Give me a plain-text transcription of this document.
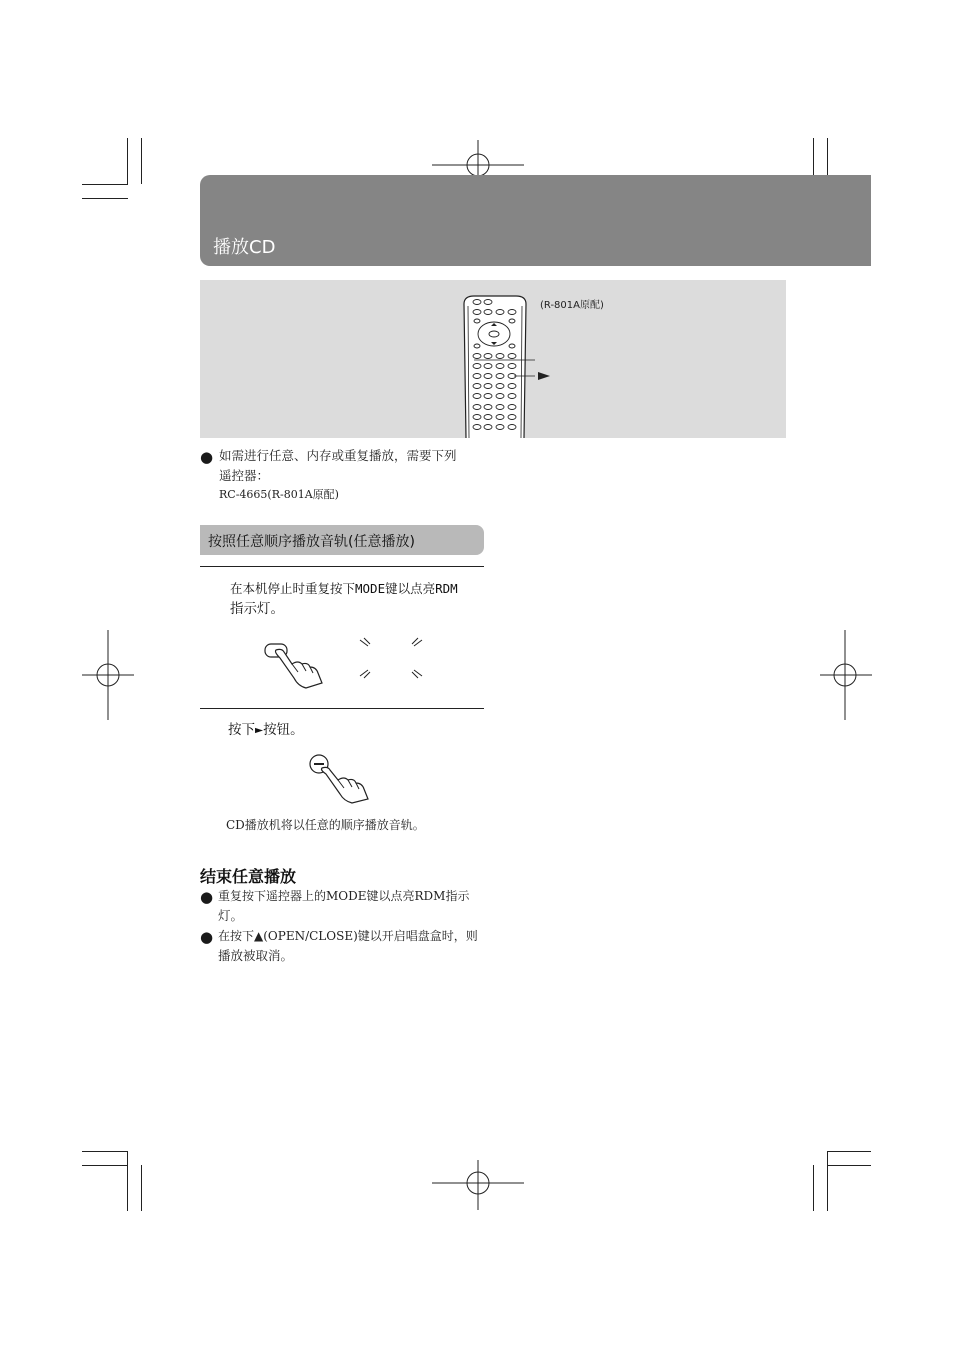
播放CD
(R-801A原配)
● 如需进行任意、内存或重复播放，需要下列
遥控器：
RC-4665(R-801A原配)
按照任意顺序播放音轨(任意播放)
在本机停止时重复按下MODE键以点亮RDM
指示灯。
按下►按钮。
CD播放机将以任意的顺序播放音轨。
结束任意播放
● 重复按下遥控器上的MODE键以点亮RDM指示
灯。
● 在按下▲(OPEN/CLOSE)键以开启唱盘盒时，则
播放被取消。
